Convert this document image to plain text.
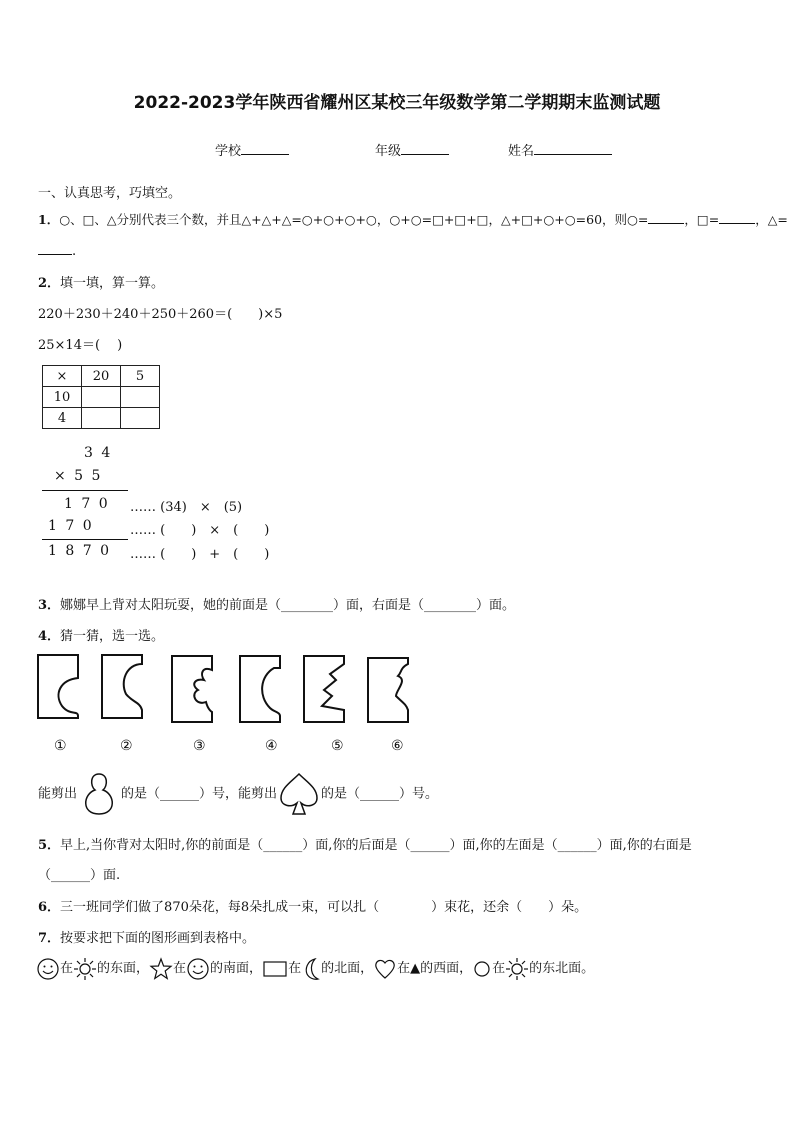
2022-2023学年陕西省耀州区某校三年级数学第二学期期末监测试题
学校	年级	姓名
一、认真思考，巧填空。
1．○、□、△分别代表三个数，并且△+△+△=○+○+○+○，○+○=□+□+□，△+□+○+○=60，则○=	，□=	，△=
.
2．填一填，算一算。
220＋230＋240＋250＋260＝(　　)×5
25×14＝(　 )
×	20	5
10		
4		
3 4
× 5 5
1 7 0 …… (34)　×　(5)
1 7 0	…… (　　)　×　(　　)
1 8 7 0 …… (　　)　+　(　　)
3．娜娜早上背对太阳玩耍，她的前面是（________）面，右面是（________）面。
4．猜一猜，选一选。
①	②	③	④	⑤	⑥
能剪出	的是（______）号，能剪出	的是（______）号。
5．早上,当你背对太阳时,你的前面是（______）面,你的后面是（______）面,你的左面是（______）面,你的右面是
（______）面.
6．三一班同学们做了870朵花，每8朵扎成一束，可以扎（　　　　）束花，还余（　　）朵。
7．按要求把下面的图形画到表格中。
在 的东面， 在 的南面， 在 的北面， 在▲的西面， 在 的东北面。
